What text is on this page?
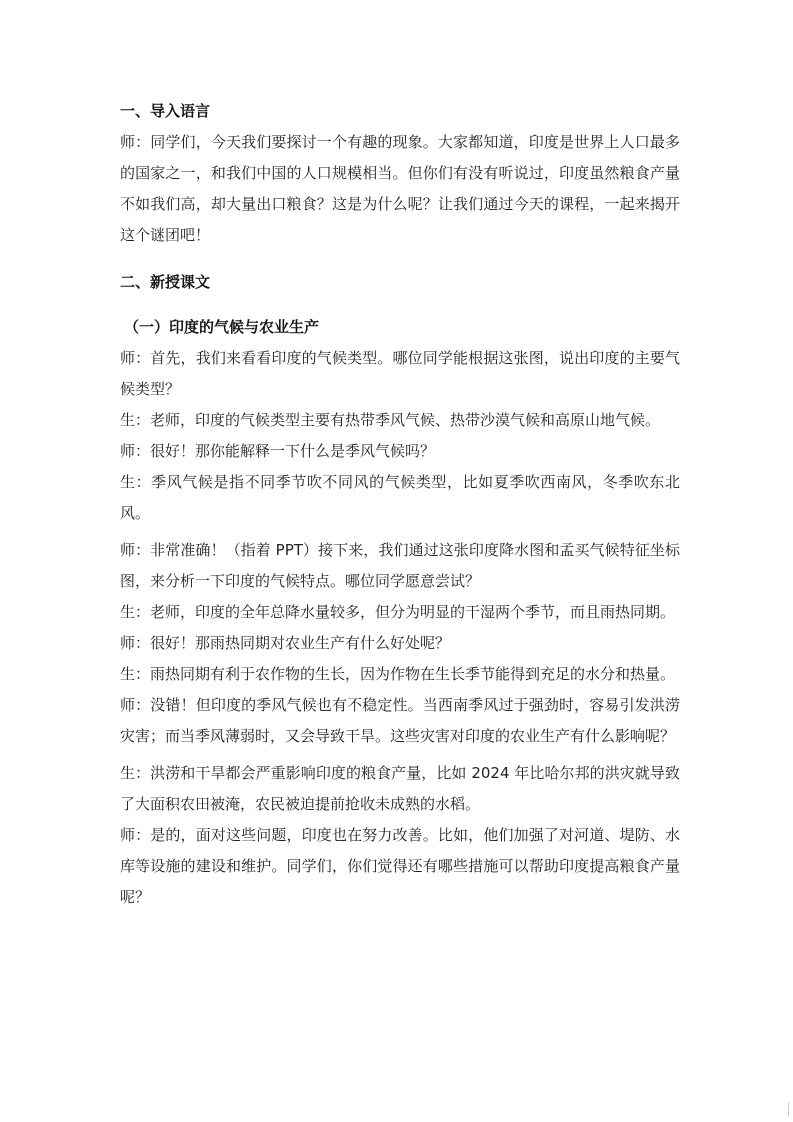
一、导入语言

师：同学们，今天我们要探讨一个有趣的现象。大家都知道，印度是世界上人口最多的国家之一，和我们中国的人口规模相当。但你们有没有听说过，印度虽然粮食产量不如我们高，却大量出口粮食？这是为什么呢？让我们通过今天的课程，一起来揭开这个谜团吧！

二、新授课文

（一）印度的气候与农业生产

师：首先，我们来看看印度的气候类型。哪位同学能根据这张图，说出印度的主要气候类型？

生：老师，印度的气候类型主要有热带季风气候、热带沙漠气候和高原山地气候。

师：很好！那你能解释一下什么是季风气候吗？

生：季风气候是指不同季节吹不同风的气候类型，比如夏季吹西南风，冬季吹东北风。

师：非常准确！（指着 PPT）接下来，我们通过这张印度降水图和孟买气候特征坐标图，来分析一下印度的气候特点。哪位同学愿意尝试？

生：老师，印度的全年总降水量较多，但分为明显的干湿两个季节，而且雨热同期。

师：很好！那雨热同期对农业生产有什么好处呢？

生：雨热同期有利于农作物的生长，因为作物在生长季节能得到充足的水分和热量。

师：没错！但印度的季风气候也有不稳定性。当西南季风过于强劲时，容易引发洪涝灾害；而当季风薄弱时，又会导致干旱。这些灾害对印度的农业生产有什么影响呢？

生：洪涝和干旱都会严重影响印度的粮食产量，比如 2024 年比哈尔邦的洪灾就导致了大面积农田被淹，农民被迫提前抢收未成熟的水稻。

师：是的，面对这些问题，印度也在努力改善。比如，他们加强了对河道、堤防、水库等设施的建设和维护。同学们，你们觉得还有哪些措施可以帮助印度提高粮食产量呢？
